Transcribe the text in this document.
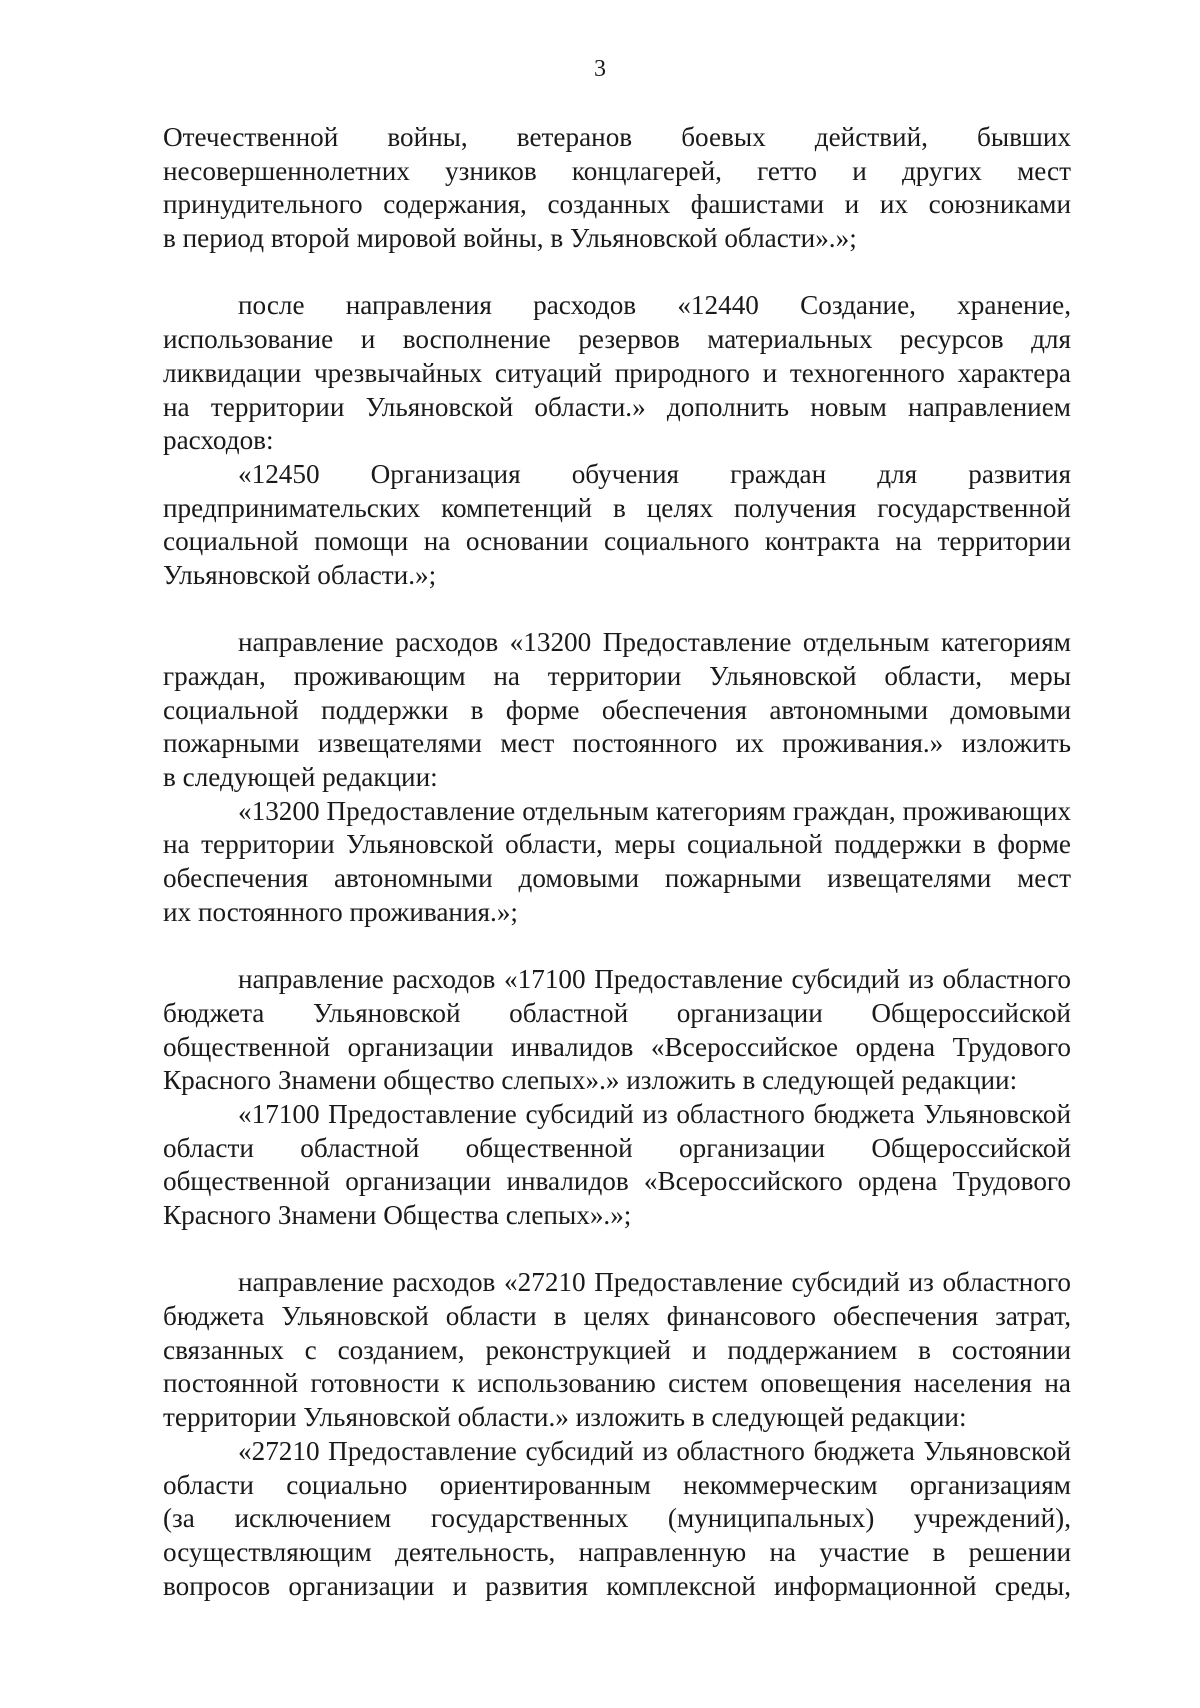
3
Отечественной войны, ветеранов боевых действий, бывших
несовершеннолетних узников концлагерей, гетто и других мест
принудительного содержания, созданных фашистами и их союзниками
в период второй мировой войны, в Ульяновской области».»;
после направления расходов «12440 Создание, хранение,
использование и восполнение резервов материальных ресурсов для
ликвидации чрезвычайных ситуаций природного и техногенного характера
на территории Ульяновской области.» дополнить новым направлением
расходов:
«12450 Организация обучения граждан для развития
предпринимательских компетенций в целях получения государственной
социальной помощи на основании социального контракта на территории
Ульяновской области.»;
направление расходов «13200 Предоставление отдельным категориям
граждан, проживающим на территории Ульяновской области, меры
социальной поддержки в форме обеспечения автономными домовыми
пожарными извещателями мест постоянного их проживания.» изложить
в следующей редакции:
«13200 Предоставление отдельным категориям граждан, проживающих
на территории Ульяновской области, меры социальной поддержки в форме
обеспечения автономными домовыми пожарными извещателями мест
их постоянного проживания.»;
направление расходов «17100 Предоставление субсидий из областного
бюджета Ульяновской областной организации Общероссийской
общественной организации инвалидов «Всероссийское ордена Трудового
Красного Знамени общество слепых».» изложить в следующей редакции:
«17100 Предоставление субсидий из областного бюджета Ульяновской
области областной общественной организации Общероссийской
общественной организации инвалидов «Всероссийского ордена Трудового
Красного Знамени Общества слепых».»;
направление расходов «27210 Предоставление субсидий из областного
бюджета Ульяновской области в целях финансового обеспечения затрат,
связанных с созданием, реконструкцией и поддержанием в состоянии
постоянной готовности к использованию систем оповещения населения на
территории Ульяновской области.» изложить в следующей редакции:
«27210 Предоставление субсидий из областного бюджета Ульяновской
области социально ориентированным некоммерческим организациям
(за исключением государственных (муниципальных) учреждений),
осуществляющим деятельность, направленную на участие в решении
вопросов организации и развития комплексной информационной среды,
